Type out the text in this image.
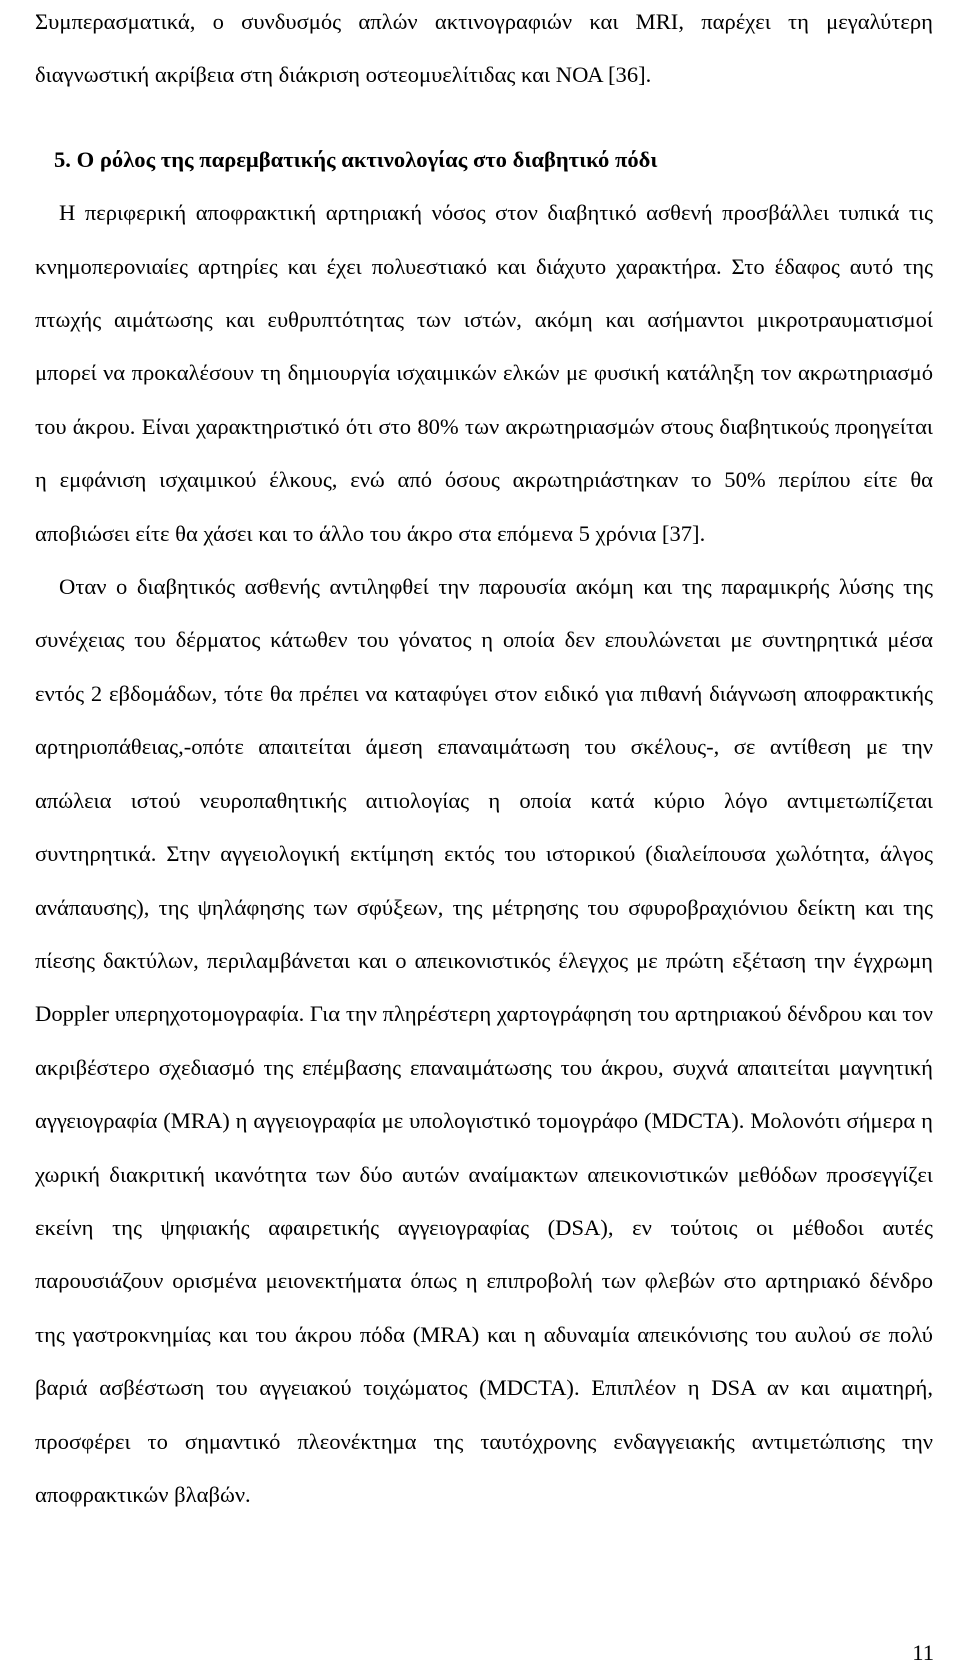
Συμπερασματικά, ο συνδυσμός απλών ακτινογραφιών και MRI, παρέχει τη μεγαλύτερη διαγνωστική ακρίβεια στη διάκριση οστεομυελίτιδας και ΝΟΑ [36].

5. Ο ρόλος της παρεμβατικής ακτινολογίας στο διαβητικό πόδι

Η περιφερική αποφρακτική αρτηριακή νόσος στον διαβητικό ασθενή προσβάλλει τυπικά τις κνημοπερονιαίες αρτηρίες και έχει πολυεστιακό και διάχυτο χαρακτήρα. Στο έδαφος αυτό της πτωχής αιμάτωσης και ευθρυπτότητας των ιστών, ακόμη και ασήμαντοι μικροτραυματισμοί μπορεί να προκαλέσουν τη δημιουργία ισχαιμικών ελκών με φυσική κατάληξη τον ακρωτηριασμό του άκρου. Είναι χαρακτηριστικό ότι στο 80% των ακρωτηριασμών στους διαβητικούς προηγείται η εμφάνιση ισχαιμικού έλκους, ενώ από όσους ακρωτηριάστηκαν το 50% περίπου είτε θα αποβιώσει είτε θα χάσει και το άλλο του άκρο στα επόμενα 5 χρόνια [37].

Οταν ο διαβητικός ασθενής αντιληφθεί την παρουσία ακόμη και της παραμικρής λύσης της συνέχειας του δέρματος κάτωθεν του γόνατος η οποία δεν επουλώνεται με συντηρητικά μέσα εντός 2 εβδομάδων, τότε θα πρέπει να καταφύγει στον ειδικό για πιθανή διάγνωση αποφρακτικής αρτηριοπάθειας,-οπότε απαιτείται άμεση επαναιμάτωση του σκέλους-, σε αντίθεση με την απώλεια ιστού νευροπαθητικής αιτιολογίας η οποία κατά κύριο λόγο αντιμετωπίζεται συντηρητικά. Στην αγγειολογική εκτίμηση εκτός του ιστορικού (διαλείπουσα χωλότητα, άλγος ανάπαυσης), της ψηλάφησης των σφύξεων, της μέτρησης του σφυροβραχιόνιου δείκτη και της πίεσης δακτύλων, περιλαμβάνεται και ο απεικονιστικός έλεγχος με πρώτη εξέταση την έγχρωμη Doppler υπερηχοτομογραφία. Για την πληρέστερη χαρτογράφηση του αρτηριακού δένδρου και τον ακριβέστερο σχεδιασμό της επέμβασης επαναιμάτωσης του άκρου, συχνά απαιτείται μαγνητική αγγειογραφία (MRA) η αγγειογραφία με υπολογιστικό τομογράφο (MDCTA). Μολονότι σήμερα η χωρική διακριτική ικανότητα των δύο αυτών αναίμακτων απεικονιστικών μεθόδων προσεγγίζει εκείνη της ψηφιακής αφαιρετικής αγγειογραφίας (DSA), εν τούτοις οι μέθοδοι αυτές παρουσιάζουν ορισμένα μειονεκτήματα όπως η επιπροβολή των φλεβών στο αρτηριακό δένδρο της γαστροκνημίας και του άκρου πόδα (MRA) και η αδυναμία απεικόνισης του αυλού σε πολύ βαριά ασβέστωση του αγγειακού τοιχώματος (MDCTA). Επιπλέον η DSA αν και αιματηρή, προσφέρει το σημαντικό πλεονέκτημα της ταυτόχρονης ενδαγγειακής αντιμετώπισης την αποφρακτικών βλαβών.

11
